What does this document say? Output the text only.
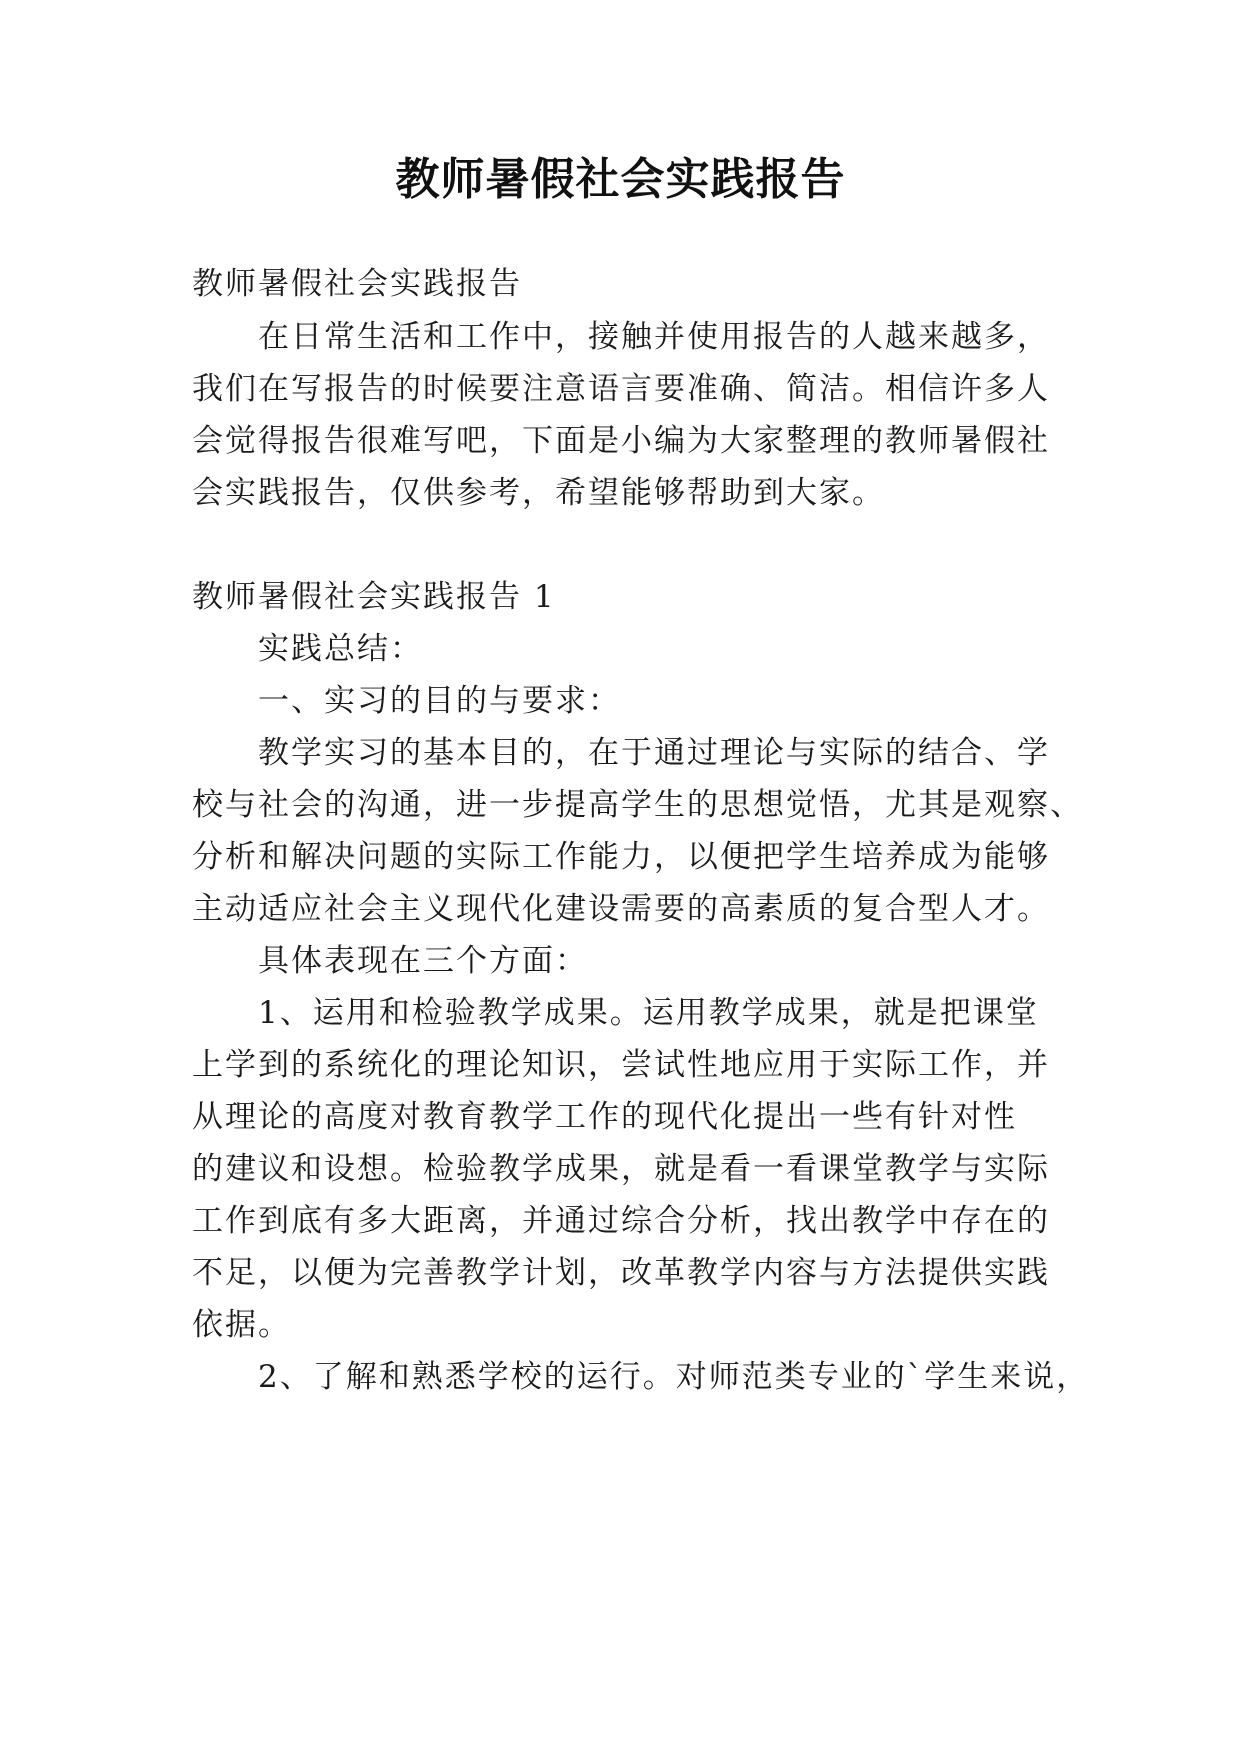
教师暑假社会实践报告
教师暑假社会实践报告
在日常生活和工作中，接触并使用报告的人越来越多，
我们在写报告的时候要注意语言要准确、简洁。相信许多人
会觉得报告很难写吧，下面是小编为大家整理的教师暑假社
会实践报告，仅供参考，希望能够帮助到大家。
教师暑假社会实践报告 1
实践总结：
一、实习的目的与要求：
教学实习的基本目的，在于通过理论与实际的结合、学
校与社会的沟通，进一步提高学生的思想觉悟，尤其是观察、
分析和解决问题的实际工作能力，以便把学生培养成为能够
主动适应社会主义现代化建设需要的高素质的复合型人才。
具体表现在三个方面：
1、运用和检验教学成果。运用教学成果，就是把课堂
上学到的系统化的理论知识，尝试性地应用于实际工作，并
从理论的高度对教育教学工作的现代化提出一些有针对性
的建议和设想。检验教学成果，就是看一看课堂教学与实际
工作到底有多大距离，并通过综合分析，找出教学中存在的
不足，以便为完善教学计划，改革教学内容与方法提供实践
依据。
2、了解和熟悉学校的运行。对师范类专业的`学生来说，
